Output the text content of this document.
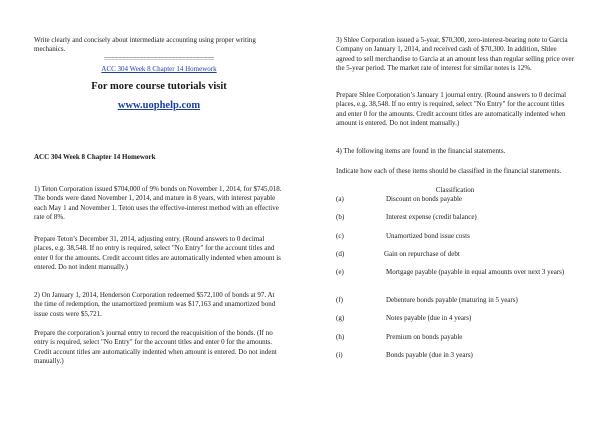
Write clearly and concisely about intermediate accounting using proper writing mechanics.
===============================
ACC 304 Week 8 Chapter 14 Homework
For more course tutorials visit
www.uophelp.com
ACC 304 Week 8 Chapter 14 Homework
1) Teton Corporation issued $704,000 of 9% bonds on November 1, 2014, for $745,018. The bonds were dated November 1, 2014, and mature in 8 years, with interest payable each May 1 and November 1. Teton uses the effective-interest method with an effective rate of 8%.
Prepare Teton’s December 31, 2014, adjusting entry. (Round answers to 0 decimal places, e.g. 38,548. If no entry is required, select "No Entry" for the account titles and enter 0 for the amounts. Credit account titles are automatically indented when amount is entered. Do not indent manually.)
2) On January 1, 2014, Henderson Corporation redeemed $572,100 of bonds at 97. At the time of redemption, the unamortized premium was $17,163 and unamortized bond issue costs were $5,721.
Prepare the corporation’s journal entry to record the reacquisition of the bonds. (If no entry is required, select "No Entry" for the account titles and enter 0 for the amounts. Credit account titles are automatically indented when amount is entered. Do not indent manually.)
3) Shlee Corporation issued a 5-year, $70,300, zero-interest-bearing note to Garcia Company on January 1, 2014, and received cash of $70,300. In addition, Shlee agreed to sell merchandise to Garcia at an amount less than regular selling price over the 5-year period. The market rate of interest for similar notes is 12%.
Prepare Shlee Corporation’s January 1 journal entry. (Round answers to 0 decimal places, e.g. 38,548. If no entry is required, select "No Entry" for the account titles and enter 0 for the amounts. Credit account titles are automatically indented when amount is entered. Do not indent manually.)
4) The following items are found in the financial statements.
Indicate how each of these items should be classified in the financial statements.
Classification
(a)	Discount on bonds payable
(b)	Interest expense (credit balance)
(c)	Unamortized bond issue costs
(d)	Gain on repurchase of debt
(e)	Mortgage payable (payable in equal amounts over next 3 years)
(f)	Debenture bonds payable (maturing in 5 years)
(g)	Notes payable (due in 4 years)
(h)	Premium on bonds payable
(i)	Bonds payable (due in 3 years)
